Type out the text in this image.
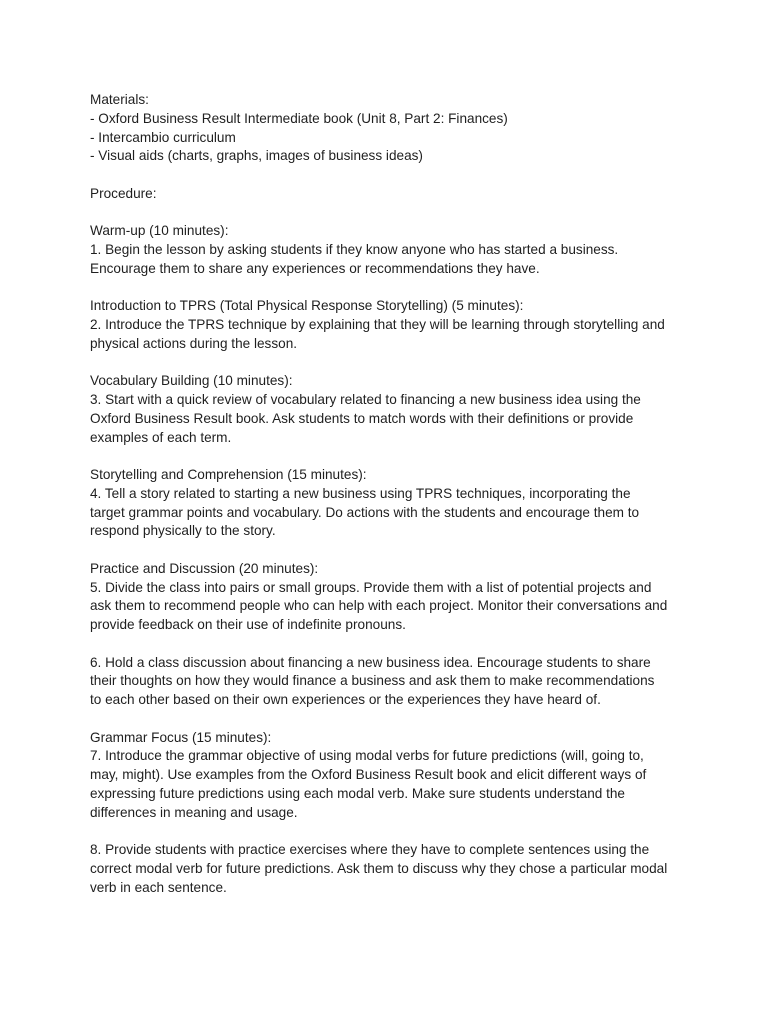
Materials:
- Oxford Business Result Intermediate book (Unit 8, Part 2: Finances)
- Intercambio curriculum
- Visual aids (charts, graphs, images of business ideas)
Procedure:
Warm-up (10 minutes):
1. Begin the lesson by asking students if they know anyone who has started a business.
Encourage them to share any experiences or recommendations they have.
Introduction to TPRS (Total Physical Response Storytelling) (5 minutes):
2. Introduce the TPRS technique by explaining that they will be learning through storytelling and
physical actions during the lesson.
Vocabulary Building (10 minutes):
3. Start with a quick review of vocabulary related to financing a new business idea using the
Oxford Business Result book. Ask students to match words with their definitions or provide
examples of each term.
Storytelling and Comprehension (15 minutes):
4. Tell a story related to starting a new business using TPRS techniques, incorporating the
target grammar points and vocabulary. Do actions with the students and encourage them to
respond physically to the story.
Practice and Discussion (20 minutes):
5. Divide the class into pairs or small groups. Provide them with a list of potential projects and
ask them to recommend people who can help with each project. Monitor their conversations and
provide feedback on their use of indefinite pronouns.
6. Hold a class discussion about financing a new business idea. Encourage students to share
their thoughts on how they would finance a business and ask them to make recommendations
to each other based on their own experiences or the experiences they have heard of.
Grammar Focus (15 minutes):
7. Introduce the grammar objective of using modal verbs for future predictions (will, going to,
may, might). Use examples from the Oxford Business Result book and elicit different ways of
expressing future predictions using each modal verb. Make sure students understand the
differences in meaning and usage.
8. Provide students with practice exercises where they have to complete sentences using the
correct modal verb for future predictions. Ask them to discuss why they chose a particular modal
verb in each sentence.
